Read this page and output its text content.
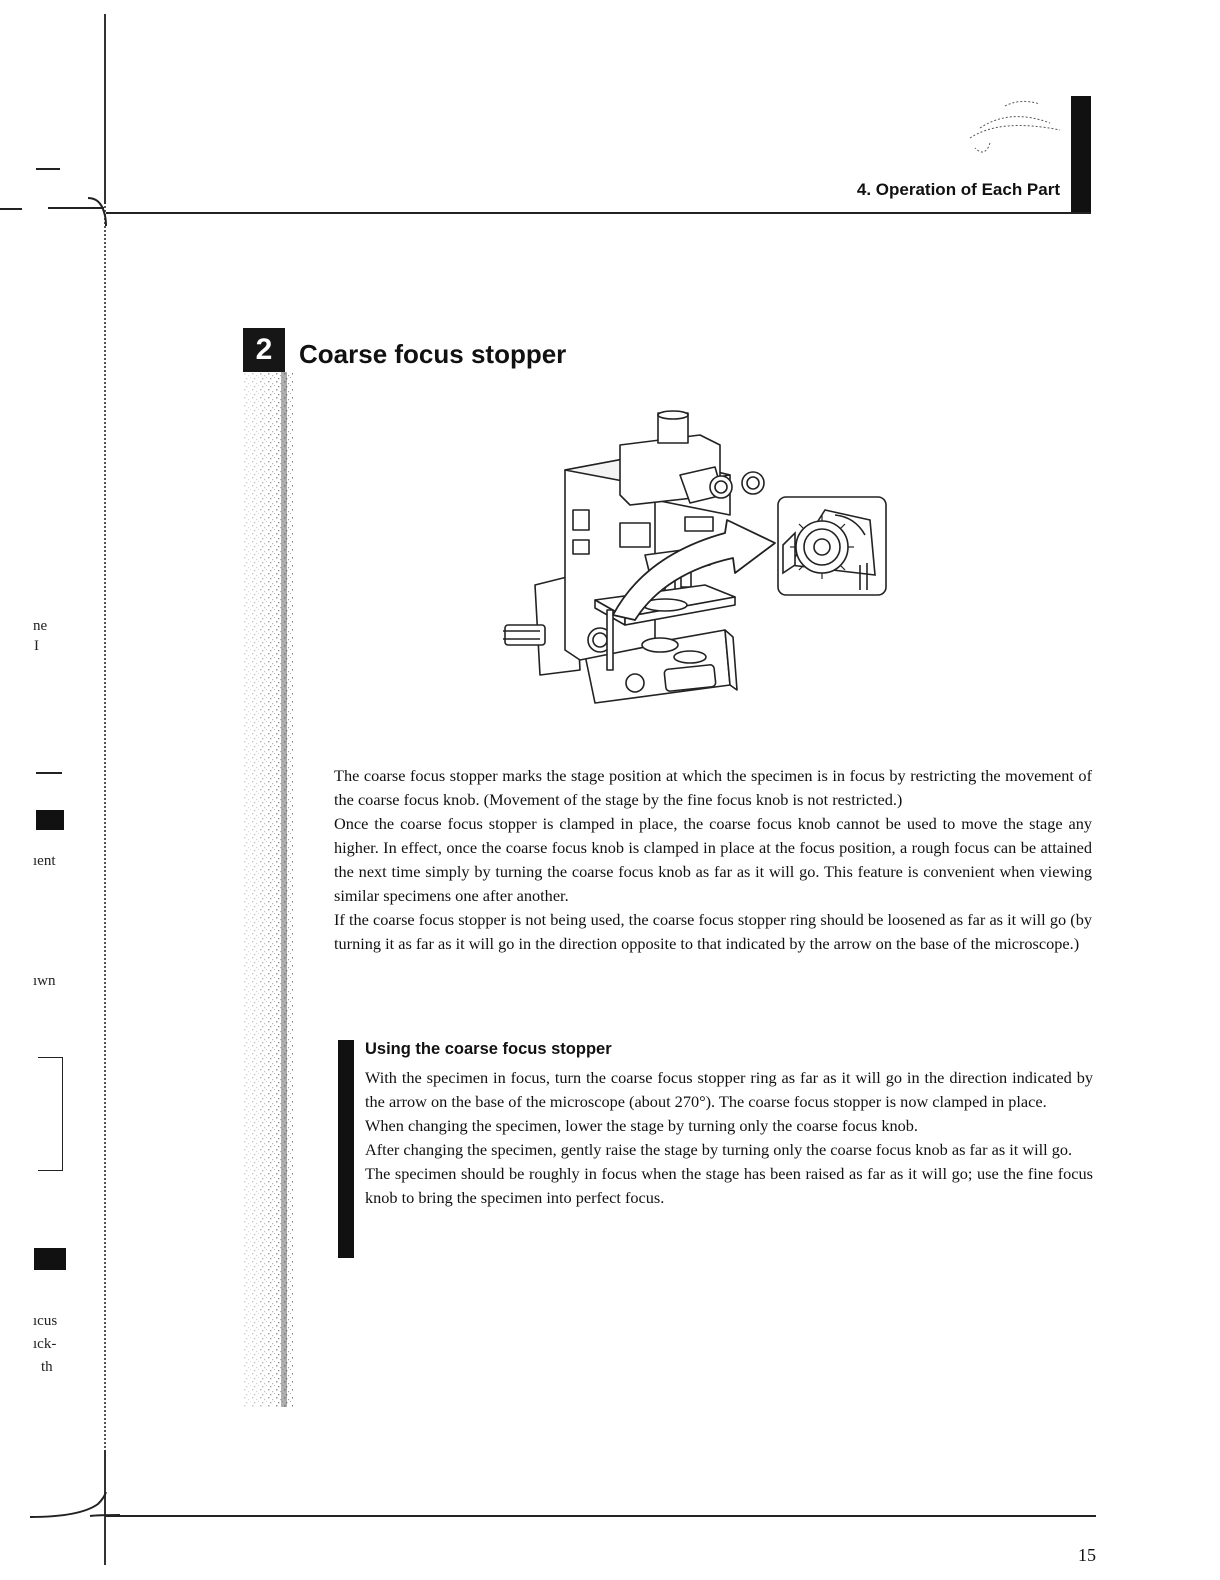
4. Operation of Each Part
ne
I
ıent
ıwn
ıcus
ıck-
th
2	Coarse focus stopper

The coarse focus stopper marks the stage position at which the specimen is in focus by restricting the movement of the coarse focus knob. (Movement of the stage by the fine focus knob is not restricted.)

Once the coarse focus stopper is clamped in place, the coarse focus knob cannot be used to move the stage any higher. In effect, once the coarse focus knob is clamped in place at the focus position, a rough focus can be attained the next time simply by turning the coarse focus knob as far as it will go. This feature is convenient when viewing similar specimens one after another.

If the coarse focus stopper is not being used, the coarse focus stopper ring should be loosened as far as it will go (by turning it as far as it will go in the direction opposite to that indicated by the arrow on the base of the microscope.)

Using the coarse focus stopper

With the specimen in focus, turn the coarse focus stopper ring as far as it will go in the direction indicated by the arrow on the base of the microscope (about 270°). The coarse focus stopper is now clamped in place.

When changing the specimen, lower the stage by turning only the coarse focus knob.

After changing the specimen, gently raise the stage by turning only the coarse focus knob as far as it will go.

The specimen should be roughly in focus when the stage has been raised as far as it will go; use the fine focus knob to bring the specimen into perfect focus.

15
